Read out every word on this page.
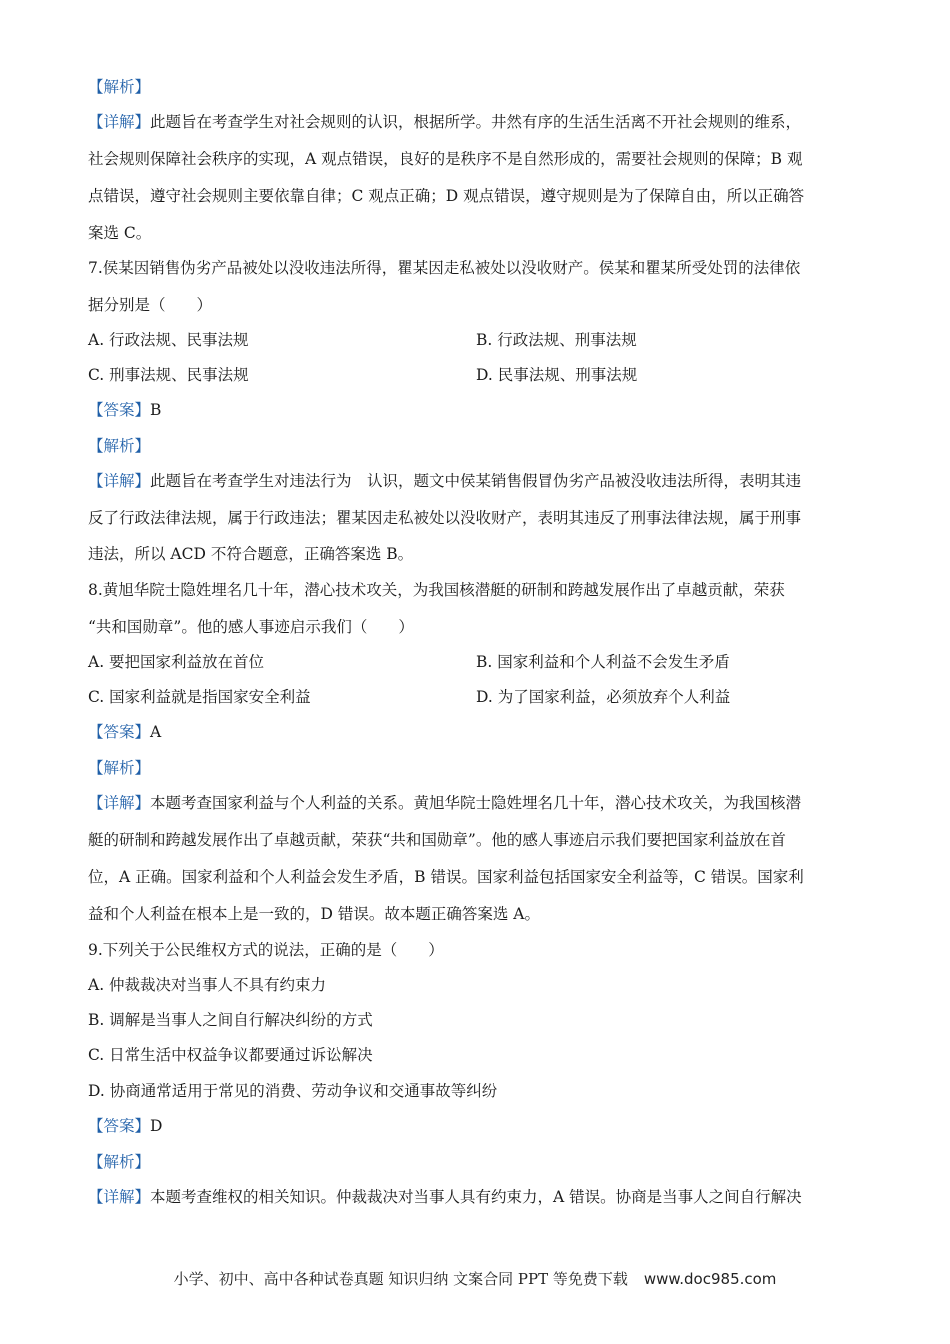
【解析】
【详解】此题旨在考查学生对社会规则的认识，根据所学。井然有序的生活生活离不开社会规则的维系，
社会规则保障社会秩序的实现，A 观点错误，良好的是秩序不是自然形成的，需要社会规则的保障；B 观
点错误，遵守社会规则主要依靠自律；C 观点正确；D 观点错误，遵守规则是为了保障自由，所以正确答
案选 C。
7.侯某因销售伪劣产品被处以没收违法所得，瞿某因走私被处以没收财产。侯某和瞿某所受处罚的法律依
据分别是（　　）
A. 行政法规、民事法规	B. 行政法规、刑事法规
C. 刑事法规、民事法规	D. 民事法规、刑事法规
【答案】B
【解析】
【详解】此题旨在考查学生对违法行为　认识，题文中侯某销售假冒伪劣产品被没收违法所得，表明其违
反了行政法律法规，属于行政违法；瞿某因走私被处以没收财产，表明其违反了刑事法律法规，属于刑事
违法，所以 ACD 不符合题意，正确答案选 B。
8.黄旭华院士隐姓埋名几十年，潜心技术攻关，为我国核潜艇的研制和跨越发展作出了卓越贡献，荣获
“共和国勋章”。他的感人事迹启示我们（　　）
A. 要把国家利益放在首位	B. 国家利益和个人利益不会发生矛盾
C. 国家利益就是指国家安全利益	D. 为了国家利益，必须放弃个人利益
【答案】A
【解析】
【详解】本题考查国家利益与个人利益的关系。黄旭华院士隐姓埋名几十年，潜心技术攻关，为我国核潜
艇的研制和跨越发展作出了卓越贡献，荣获“共和国勋章”。他的感人事迹启示我们要把国家利益放在首
位，A 正确。国家利益和个人利益会发生矛盾，B 错误。国家利益包括国家安全利益等，C 错误。国家利
益和个人利益在根本上是一致的，D 错误。故本题正确答案选 A。
9.下列关于公民维权方式的说法，正确的是（　　）
A. 仲裁裁决对当事人不具有约束力
B. 调解是当事人之间自行解决纠纷的方式
C. 日常生活中权益争议都要通过诉讼解决
D. 协商通常适用于常见的消费、劳动争议和交通事故等纠纷
【答案】D
【解析】
【详解】本题考查维权的相关知识。仲裁裁决对当事人具有约束力，A 错误。协商是当事人之间自行解决
小学、初中、高中各种试卷真题 知识归纳 文案合同 PPT 等免费下载 www.doc985.com
